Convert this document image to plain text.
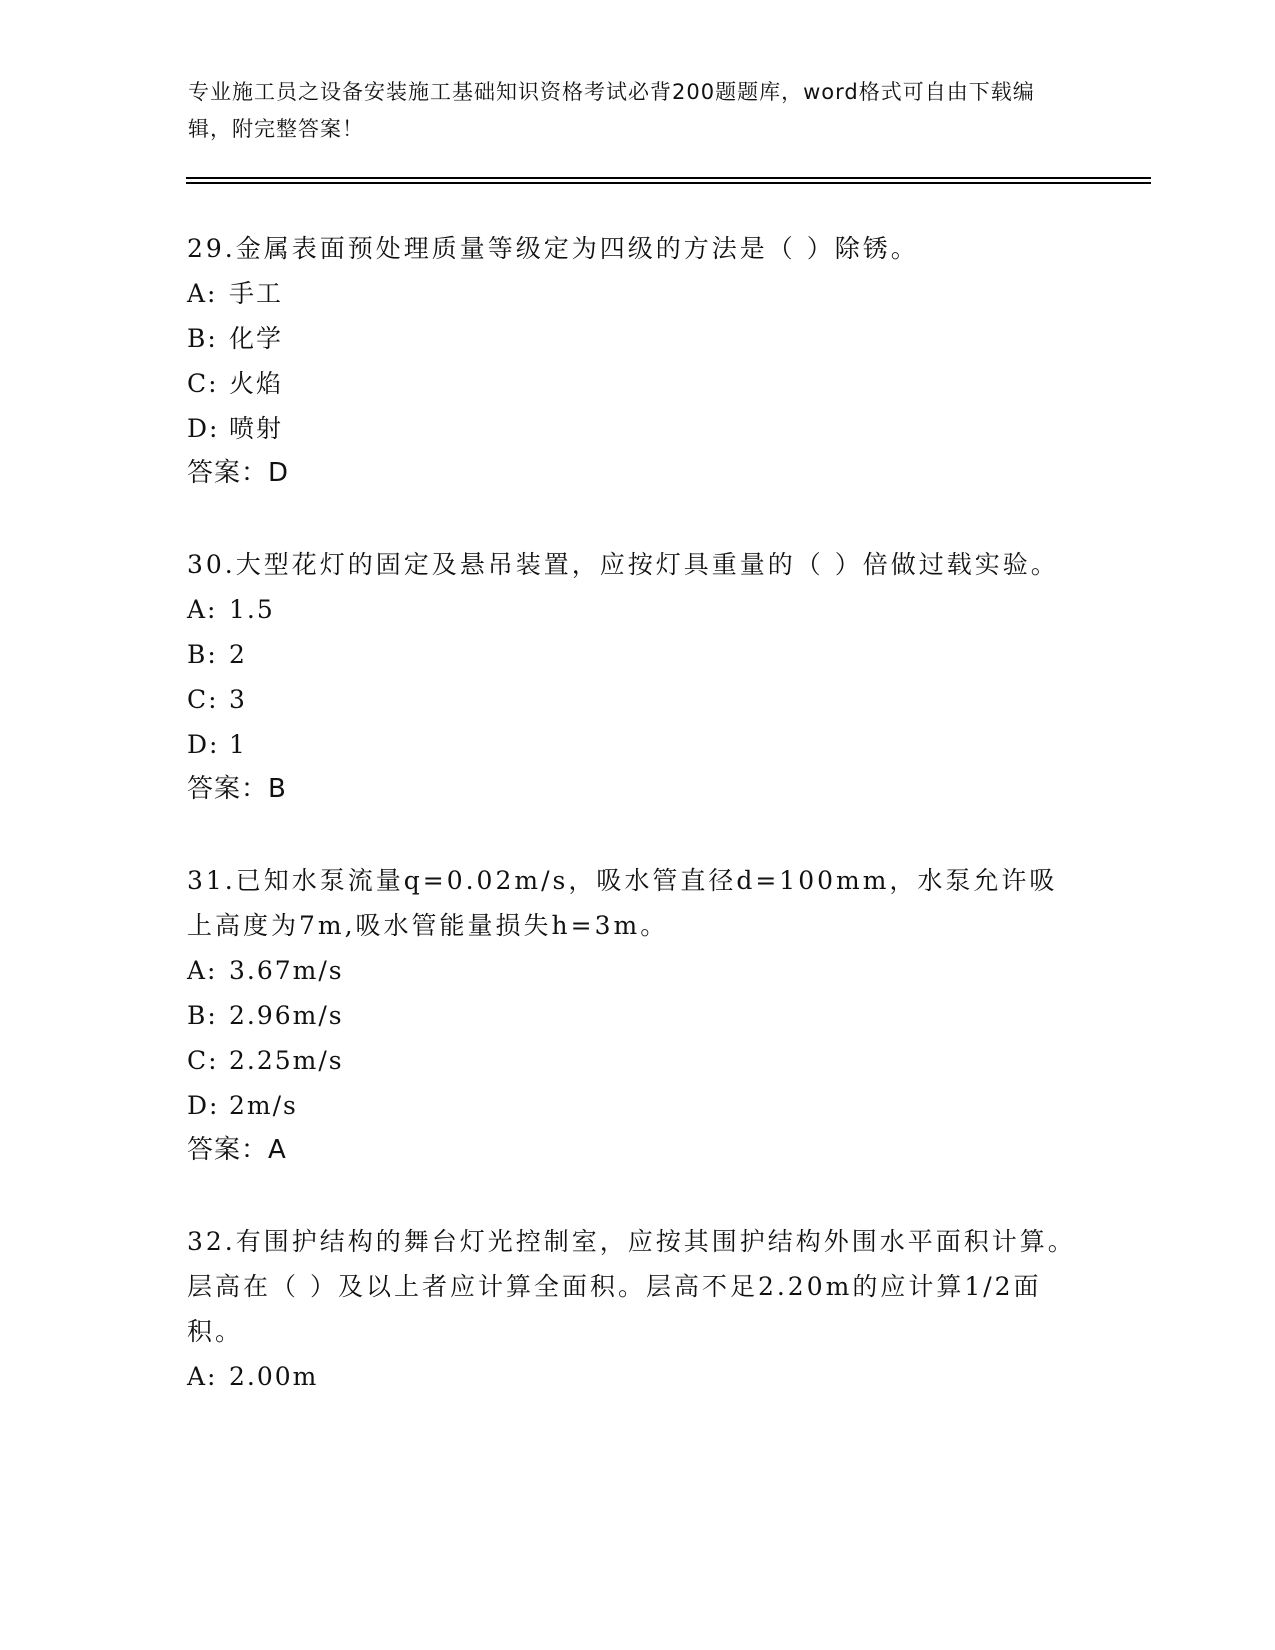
专业施工员之设备安装施工基础知识资格考试必背200题题库，word格式可自由下载编辑，附完整答案！

29.金属表面预处理质量等级定为四级的方法是（ ）除锈。

A: 手工

B: 化学

C: 火焰

D: 喷射

答案：D

30.大型花灯的固定及悬吊装置，应按灯具重量的（ ）倍做过载实验。

A: 1.5

B: 2

C: 3

D: 1

答案：B

31.已知水泵流量q=0.02m/s，吸水管直径d=100mm，水泵允许吸上高度为7m,吸水管能量损失h=3m。

A: 3.67m/s

B: 2.96m/s

C: 2.25m/s

D: 2m/s

答案：A

32.有围护结构的舞台灯光控制室，应按其围护结构外围水平面积计算。层高在（ ）及以上者应计算全面积。层高不足2.20m的应计算1/2面积。

A: 2.00m
